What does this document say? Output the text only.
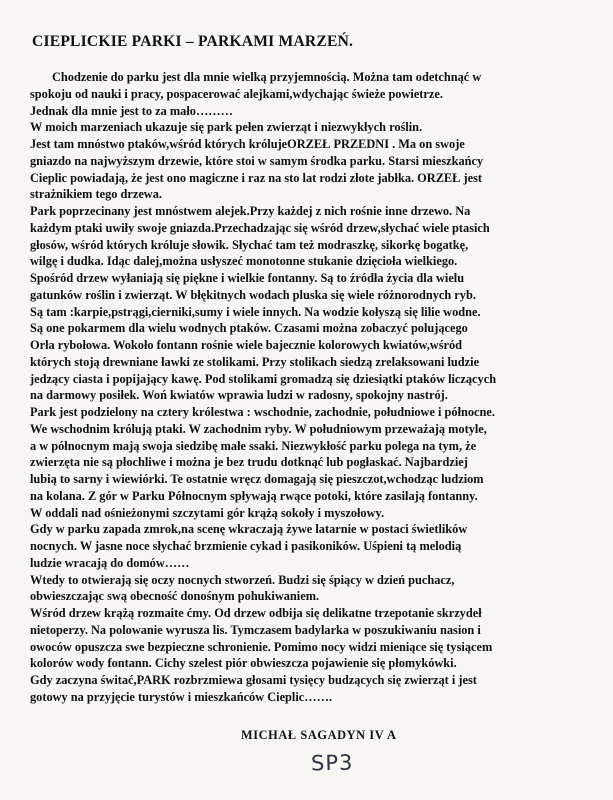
CIEPLICKIE PARKI – PARKAMI MARZEŃ.
Chodzenie do parku jest dla mnie wielką przyjemnością. Można tam odetchnąć w
spokoju od nauki i pracy, pospacerować alejkami,wdychając świeże powietrze.
Jednak dla mnie jest to za mało………
W moich marzeniach ukazuje się park pełen zwierząt i niezwykłych roślin.
Jest tam mnóstwo ptaków,wśród których królujeORZEŁ PRZEDNI . Ma on swoje
gniazdo na najwyższym drzewie, które stoi w samym środka parku. Starsi mieszkańcy
Cieplic powiadają, że jest ono magiczne i raz na sto lat rodzi złote jabłka. ORZEŁ jest
strażnikiem tego drzewa.
Park poprzecinany jest mnóstwem alejek.Przy każdej z nich rośnie inne drzewo. Na
każdym ptaki uwiły swoje gniazda.Przechadzając się wśród drzew,słychać wiele ptasich
głosów, wśród których króluje słowik. Słychać tam też modraszkę, sikorkę bogatkę,
wilgę i dudka. Idąc dalej,można usłyszeć monotonne stukanie dzięcioła wielkiego.
Spośród drzew wyłaniają się piękne i wielkie fontanny. Są to źródła życia dla wielu
gatunków roślin i zwierząt. W błękitnych wodach pluska się wiele różnorodnych ryb.
Są tam :karpie,pstrągi,cierniki,sumy i wiele innych. Na wodzie kołyszą się lilie wodne.
Są one pokarmem dla wielu wodnych ptaków. Czasami można zobaczyć polującego
Orła rybołowa. Wokoło fontann rośnie wiele bajecznie kolorowych kwiatów,wśród
których stoją drewniane ławki ze stolikami. Przy stolikach siedzą zrelaksowani ludzie
jedzący ciasta i popijający kawę. Pod stolikami gromadzą się dziesiątki ptaków liczących
na darmowy posiłek. Woń kwiatów wprawia ludzi w radosny, spokojny nastrój.
Park jest podzielony na cztery królestwa : wschodnie, zachodnie, południowe i północne.
We wschodnim królują ptaki. W zachodnim ryby. W południowym przeważają motyle,
a w północnym mają swoja siedzibę małe ssaki. Niezwykłość parku polega na tym, że
zwierzęta nie są płochliwe i można je bez trudu dotknąć lub pogłaskać. Najbardziej
lubią to sarny i wiewiórki. Te ostatnie wręcz domagają się pieszczot,wchodząc ludziom
na kolana. Z gór w Parku Północnym spływają rwące potoki, które zasilają fontanny.
W oddali nad ośnieżonymi szczytami gór krążą sokoły i myszołowy.
Gdy w parku zapada zmrok,na scenę wkraczają żywe latarnie w postaci świetlików
nocnych. W jasne noce słychać brzmienie cykad i pasikoników. Uśpieni tą melodią
ludzie wracają do domów……
Wtedy to otwierają się oczy nocnych stworzeń. Budzi się śpiący w dzień puchacz,
obwieszczając swą obecność donośnym pohukiwaniem.
Wśród drzew krążą rozmaite ćmy. Od drzew odbija się delikatne trzepotanie skrzydeł
nietoperzy. Na polowanie wyrusza lis. Tymczasem badylarka w poszukiwaniu nasion i
owoców opuszcza swe bezpieczne schronienie. Pomimo nocy widzi mieniące się tysiącem
kolorów wody fontann. Cichy szelest piór obwieszcza pojawienie się płomykówki.
Gdy zaczyna świtać,PARK rozbrzmiewa głosami tysięcy budzących się zwierząt i jest
gotowy na przyjęcie turystów i mieszkańców Cieplic…….
MICHAŁ SAGADYN IV A
SP3
